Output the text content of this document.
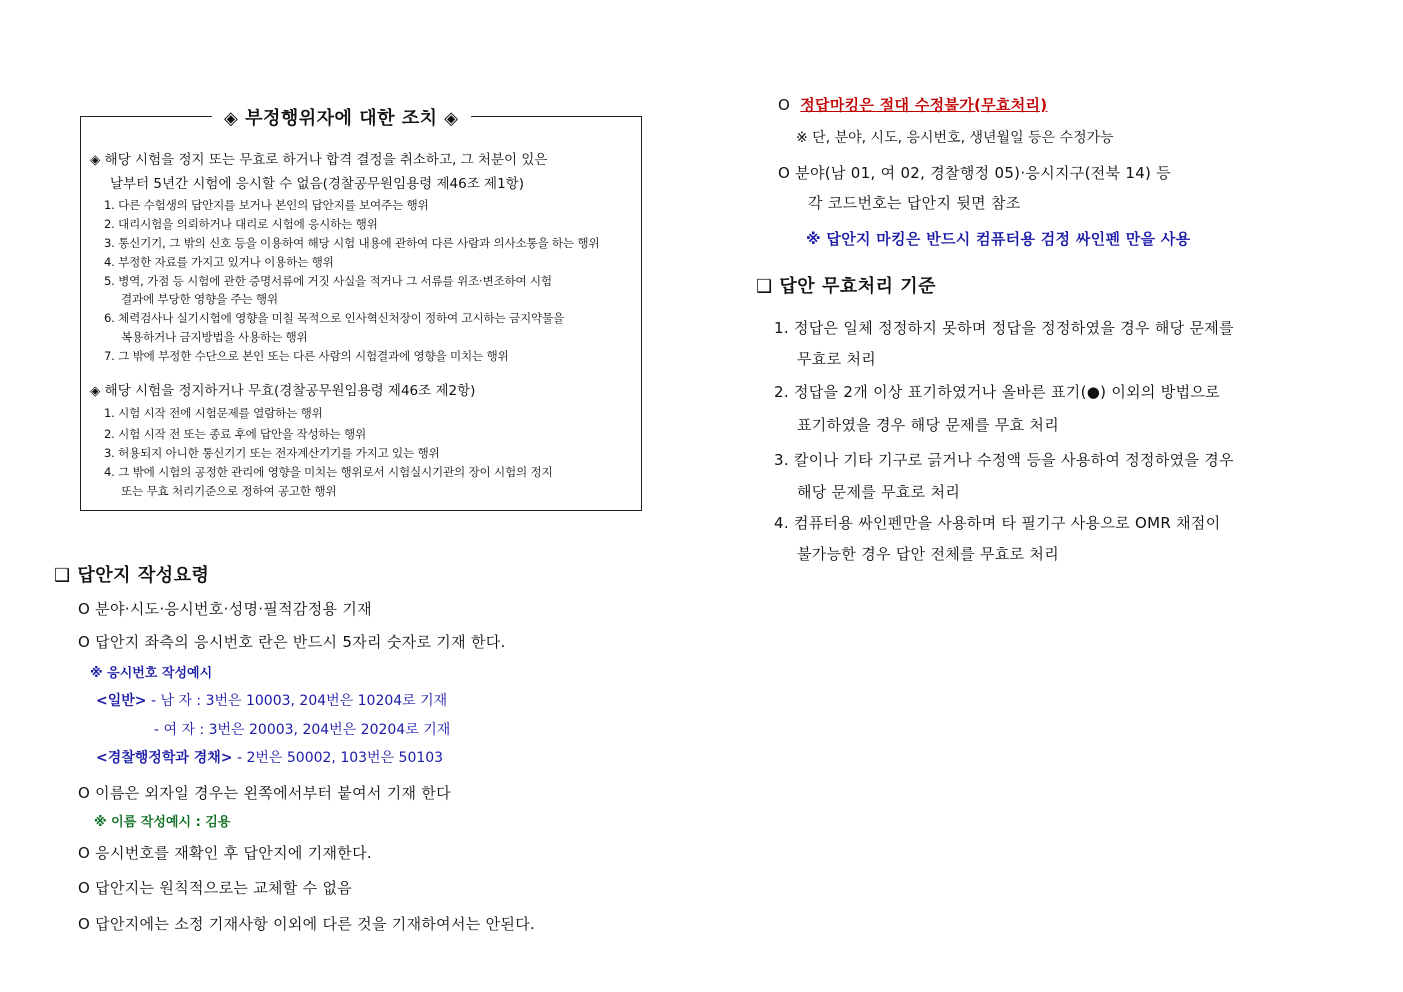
◈ 부정행위자에 대한 조치 ◈
◈ 해당 시험을 정지 또는 무효로 하거나 합격 결정을 취소하고, 그 처분이 있은
날부터 5년간 시험에 응시할 수 없음(경찰공무원임용령 제46조 제1항)
1. 다른 수험생의 답안지를 보거나 본인의 답안지를 보여주는 행위
2. 대리시험을 의뢰하거나 대리로 시험에 응시하는 행위
3. 통신기기, 그 밖의 신호 등을 이용하여 해당 시험 내용에 관하여 다른 사람과 의사소통을 하는 행위
4. 부정한 자료를 가지고 있거나 이용하는 행위
5. 병역, 가점 등 시험에 관한 증명서류에 거짓 사실을 적거나 그 서류를 위조·변조하여 시험
결과에 부당한 영향을 주는 행위
6. 체력검사나 실기시험에 영향을 미칠 목적으로 인사혁신처장이 정하여 고시하는 금지약물을
복용하거나 금지방법을 사용하는 행위
7. 그 밖에 부정한 수단으로 본인 또는 다른 사람의 시험결과에 영향을 미치는 행위
◈ 해당 시험을 정지하거나 무효(경찰공무원임용령 제46조 제2항)
1. 시험 시작 전에 시험문제를 열람하는 행위
2. 시험 시작 전 또는 종료 후에 답안을 작성하는 행위
3. 허용되지 아니한 통신기기 또는 전자계산기기를 가지고 있는 행위
4. 그 밖에 시험의 공정한 관리에 영향을 미치는 행위로서 시험실시기관의 장이 시험의 정지
또는 무효 처리기준으로 정하여 공고한 행위
❑ 답안지 작성요령
O 분야·시도·응시번호·성명·필적감정용 기재
O 답안지 좌측의 응시번호 란은 반드시 5자리 숫자로 기재 한다.
※ 응시번호 작성예시
<일반> - 남 자 : 3번은 10003, 204번은 10204로 기재
- 여 자 : 3번은 20003, 204번은 20204로 기재
<경찰행정학과 경채> - 2번은 50002, 103번은 50103
O 이름은 외자일 경우는 왼쪽에서부터 붙여서 기재 한다
※ 이름 작성예시 : 김용
O 응시번호를 재확인 후 답안지에 기재한다.
O 답안지는 원칙적으로는 교체할 수 없음
O 답안지에는 소정 기재사항 이외에 다른 것을 기재하여서는 안된다.
O 정답마킹은 절대 수정불가(무효처리)
※ 단, 분야, 시도, 응시번호, 생년월일 등은 수정가능
O 분야(남 01, 여 02, 경찰행정 05)·응시지구(전북 14) 등
각 코드번호는 답안지 뒷면 참조
※ 답안지 마킹은 반드시 컴퓨터용 검정 싸인펜 만을 사용
❑ 답안 무효처리 기준
1. 정답은 일체 정정하지 못하며 정답을 정정하였을 경우 해당 문제를
무효로 처리
2. 정답을 2개 이상 표기하였거나 올바른 표기(●) 이외의 방법으로
표기하였을 경우 해당 문제를 무효 처리
3. 칼이나 기타 기구로 긁거나 수정액 등을 사용하여 정정하였을 경우
해당 문제를 무효로 처리
4. 컴퓨터용 싸인펜만을 사용하며 타 필기구 사용으로 OMR 채점이
불가능한 경우 답안 전체를 무효로 처리
